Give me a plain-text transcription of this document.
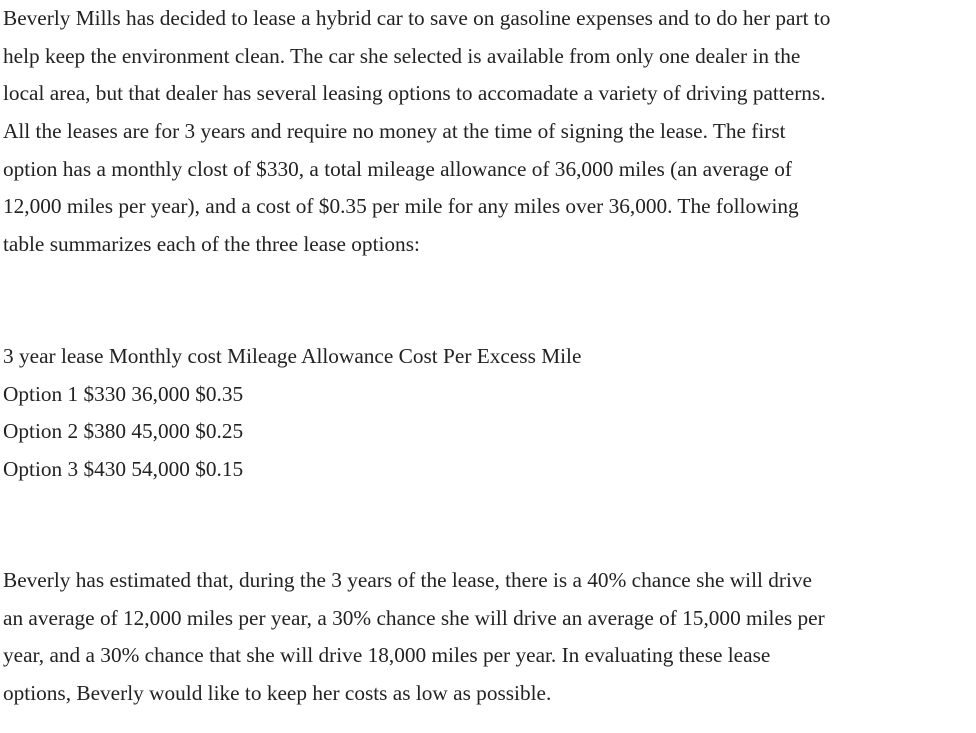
Beverly Mills has decided to lease a hybrid car to save on gasoline expenses and to do her part to
help keep the environment clean. The car she selected is available from only one dealer in the
local area, but that dealer has several leasing options to accomadate a variety of driving patterns.
All the leases are for 3 years and require no money at the time of signing the lease. The first
option has a monthly clost of $330, a total mileage allowance of 36,000 miles (an average of
12,000 miles per year), and a cost of $0.35 per mile for any miles over 36,000. The following
table summarizes each of the three lease options:

3 year lease Monthly cost Mileage Allowance Cost Per Excess Mile
Option 1 $330 36,000 $0.35
Option 2 $380 45,000 $0.25
Option 3 $430 54,000 $0.15

Beverly has estimated that, during the 3 years of the lease, there is a 40% chance she will drive
an average of 12,000 miles per year, a 30% chance she will drive an average of 15,000 miles per
year, and a 30% chance that she will drive 18,000 miles per year. In evaluating these lease
options, Beverly would like to keep her costs as low as possible.
